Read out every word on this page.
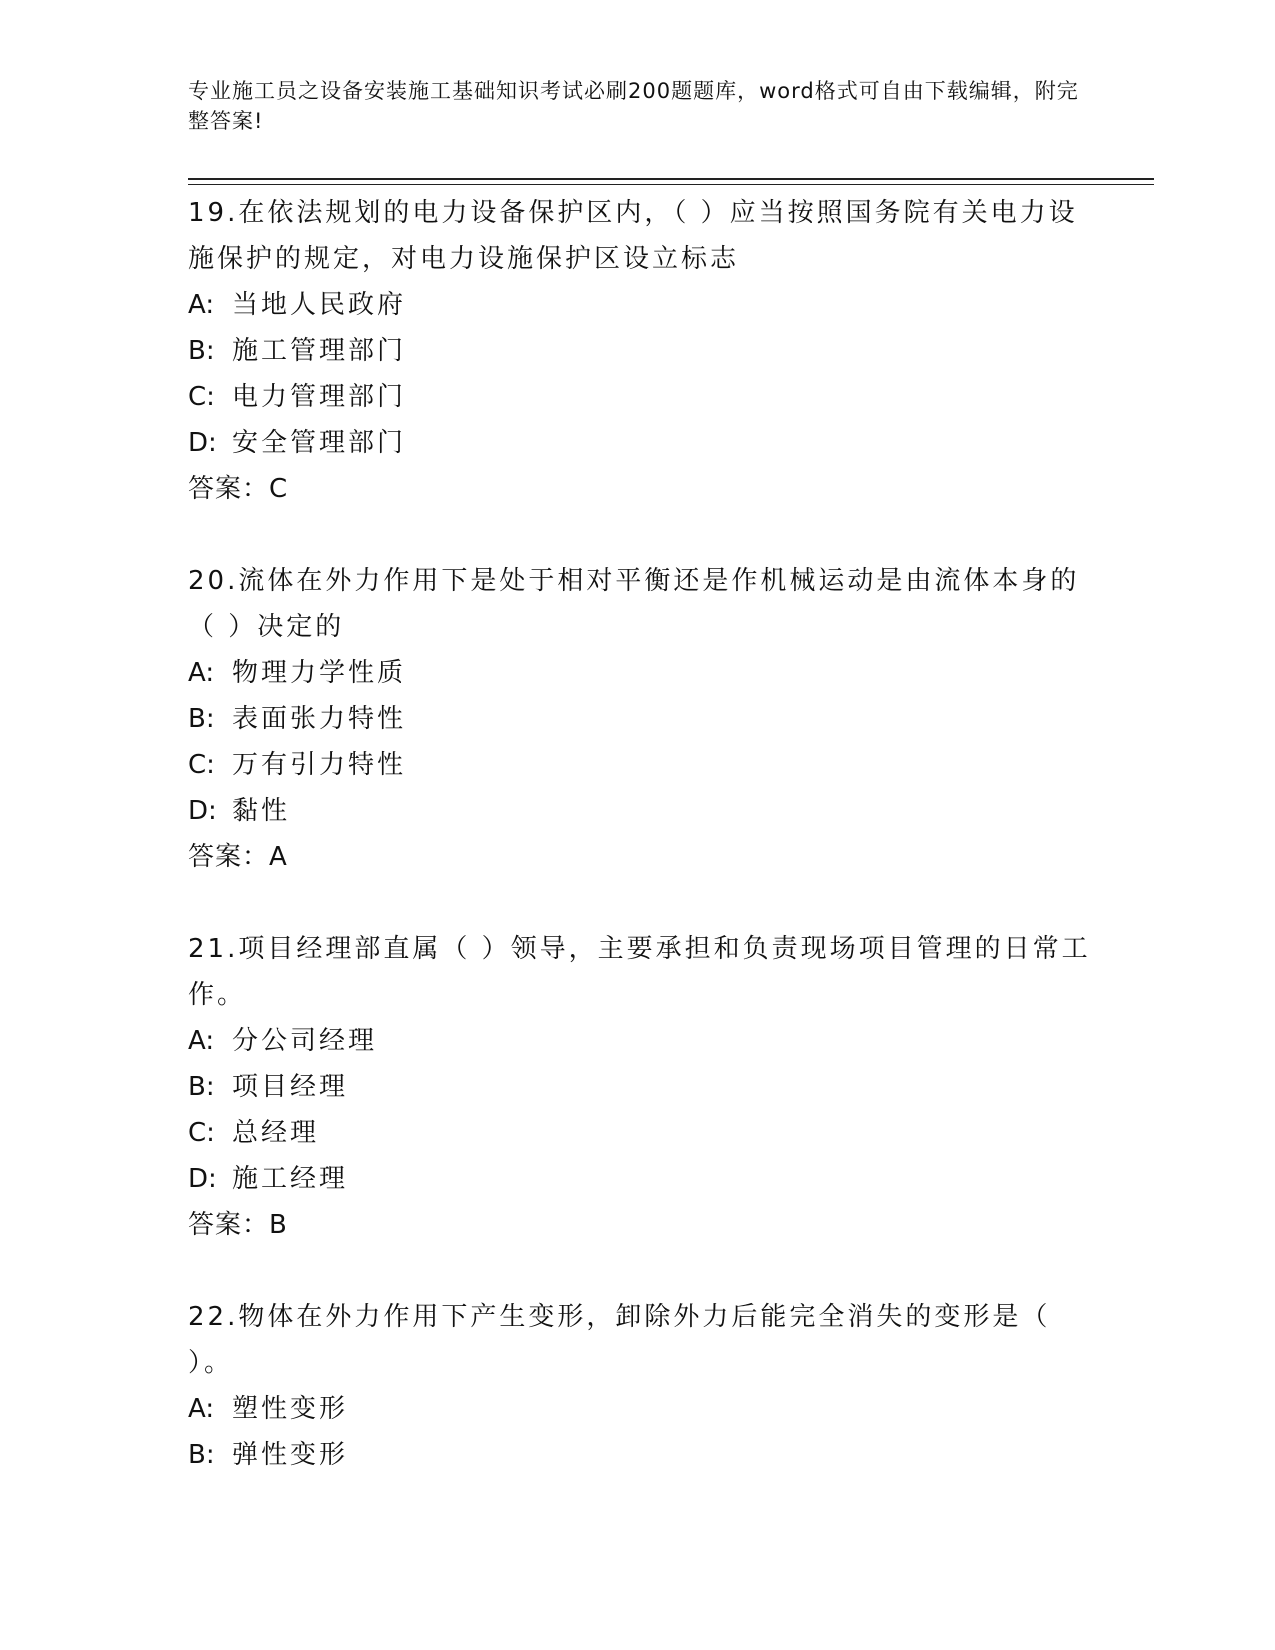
专业施工员之设备安装施工基础知识考试必刷200题题库，word格式可自由下载编辑，附完整答案!
19.在依法规划的电力设备保护区内，（ ）应当按照国务院有关电力设施保护的规定，对电力设施保护区设立标志
A: 当地人民政府
B: 施工管理部门
C: 电力管理部门
D: 安全管理部门
答案：C
20.流体在外力作用下是处于相对平衡还是作机械运动是由流体本身的（ ）决定的
A: 物理力学性质
B: 表面张力特性
C: 万有引力特性
D: 黏性
答案：A
21.项目经理部直属（ ）领导，主要承担和负责现场项目管理的日常工作。
A: 分公司经理
B: 项目经理
C: 总经理
D: 施工经理
答案：B
22.物体在外力作用下产生变形，卸除外力后能完全消失的变形是（ ）。
A: 塑性变形
B: 弹性变形
